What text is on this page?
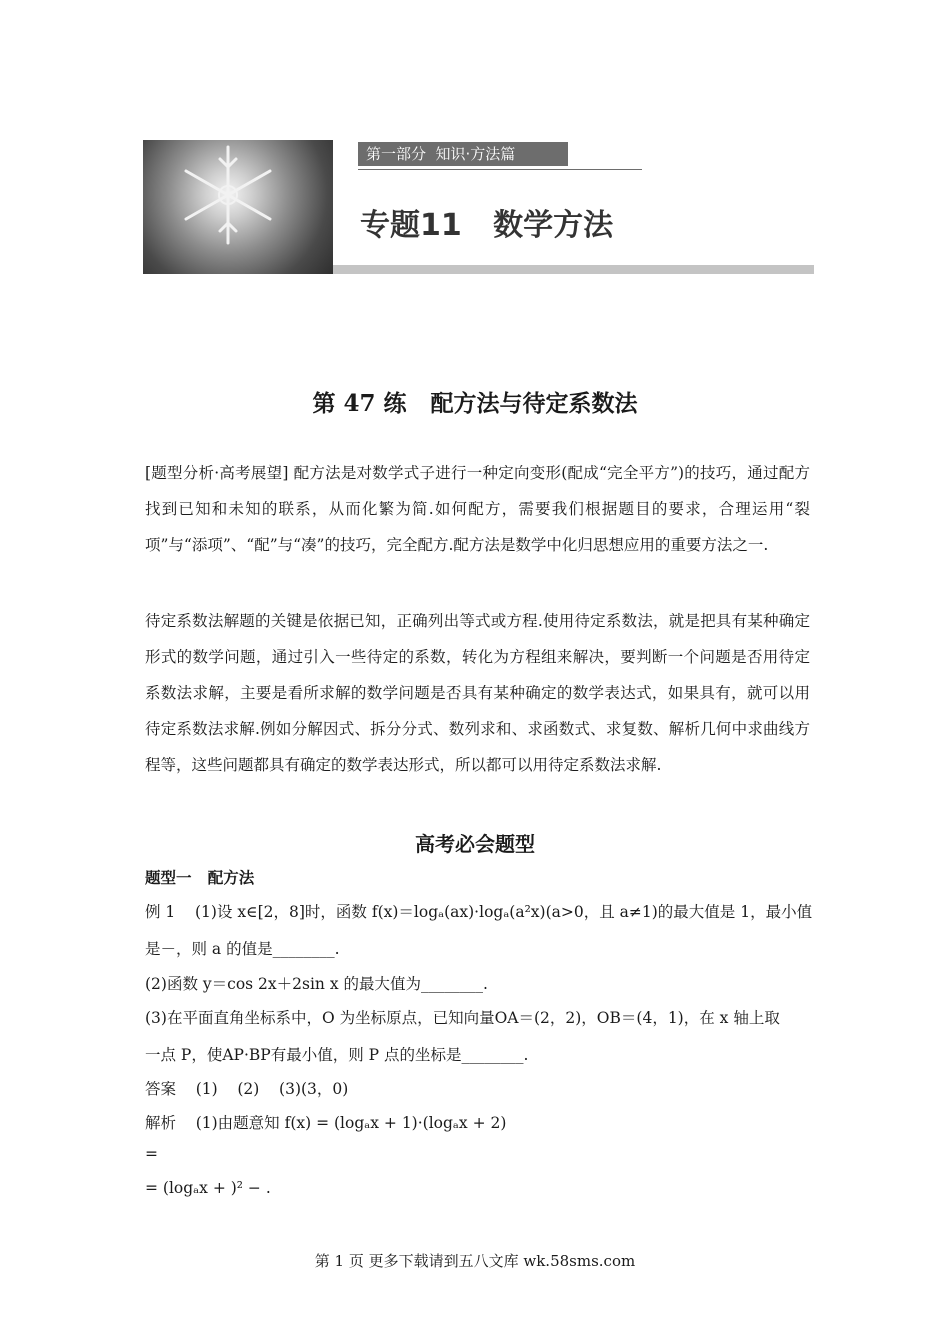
第一部分  知识·方法篇
专题11   数学方法
第 47 练   配方法与待定系数法
[题型分析·高考展望] 配方法是对数学式子进行一种定向变形(配成“完全平方”)的技巧，通过配方找到已知和未知的联系，从而化繁为简.如何配方，需要我们根据题目的要求，合理运用“裂项”与“添项”、“配”与“凑”的技巧，完全配方.配方法是数学中化归思想应用的重要方法之一.
待定系数法解题的关键是依据已知，正确列出等式或方程.使用待定系数法，就是把具有某种确定形式的数学问题，通过引入一些待定的系数，转化为方程组来解决，要判断一个问题是否用待定系数法求解，主要是看所求解的数学问题是否具有某种确定的数学表达式，如果具有，就可以用待定系数法求解.例如分解因式、拆分分式、数列求和、求函数式、求复数、解析几何中求曲线方程等，这些问题都具有确定的数学表达形式，所以都可以用待定系数法求解.
高考必会题型
题型一   配方法
例 1    (1)设 x∈[2，8]时，函数 f(x)＝logₐ(ax)·logₐ(a²x)(a>0，且 a≠1)的最大值是 1，最小值
是－，则 a 的值是________.
(2)函数 y＝cos 2x＋2sin x 的最大值为________.
(3)在平面直角坐标系中，O 为坐标原点，已知向量OA＝(2，2)，OB＝(4，1)，在 x 轴上取
一点 P，使AP·BP有最小值，则 P 点的坐标是________.
答案    (1)    (2)    (3)(3，0)
解析    (1)由题意知 f(x) = (logₐx + 1)·(logₐx + 2)
=
= (logₐx + )² − .
第 1 页 更多下载请到五八文库 wk.58sms.com
